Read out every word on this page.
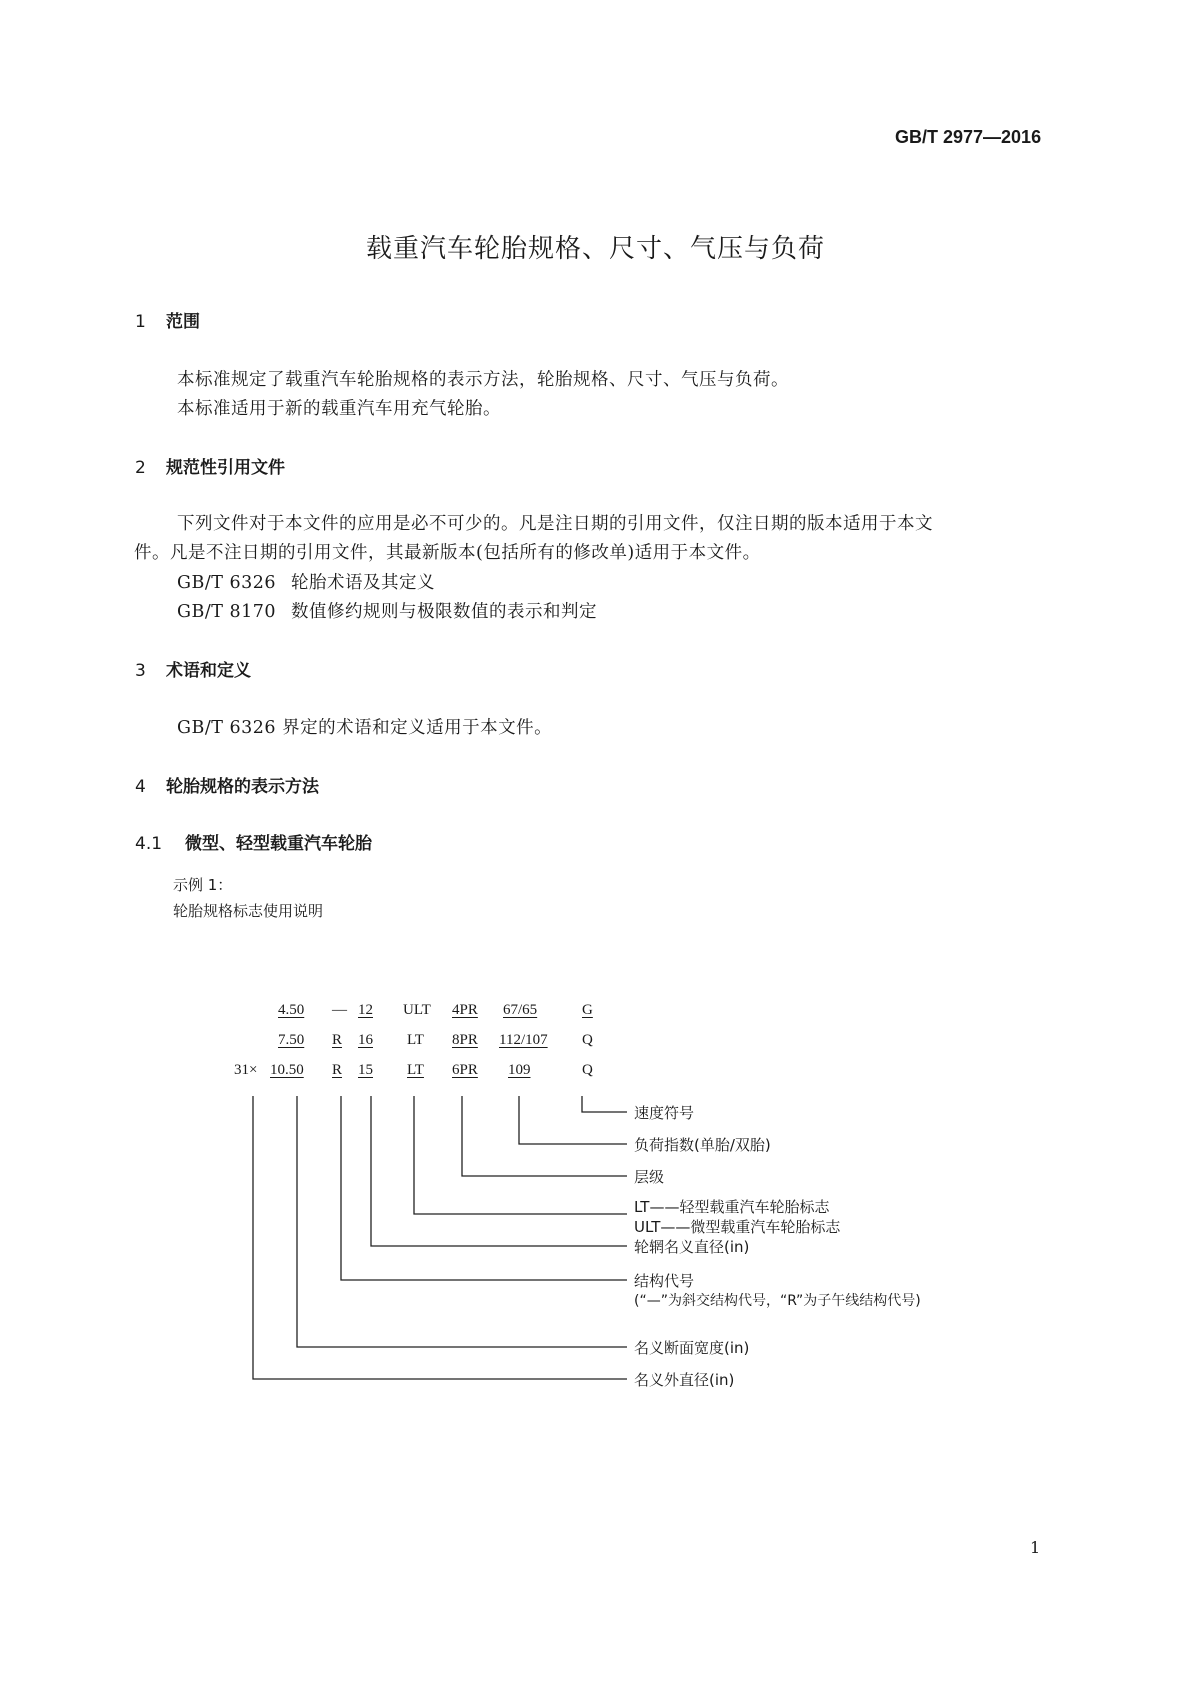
GB/T 2977—2016
载重汽车轮胎规格、尺寸、气压与负荷
1 范围
本标准规定了载重汽车轮胎规格的表示方法，轮胎规格、尺寸、气压与负荷。
本标准适用于新的载重汽车用充气轮胎。
2 规范性引用文件
下列文件对于本文件的应用是必不可少的。凡是注日期的引用文件，仅注日期的版本适用于本文
件。凡是不注日期的引用文件，其最新版本(包括所有的修改单)适用于本文件。
GB/T 6326 轮胎术语及其定义
GB/T 8170 数值修约规则与极限数值的表示和判定
3 术语和定义
GB/T 6326 界定的术语和定义适用于本文件。
4 轮胎规格的表示方法
4.1 微型、轻型载重汽车轮胎
示例 1：
轮胎规格标志使用说明
4.50 — 12 ULT 4PR 67/65	G
7.50 R 16 LT 8PR 112/107 Q
31× 10.50 R 15 LT 6PR 109	Q
速度符号
负荷指数(单胎/双胎)
层级
LT——轻型载重汽车轮胎标志
ULT——微型载重汽车轮胎标志
轮辋名义直径(in)
结构代号
(“—”为斜交结构代号，“R”为子午线结构代号)
名义断面宽度(in)
名义外直径(in)
1
